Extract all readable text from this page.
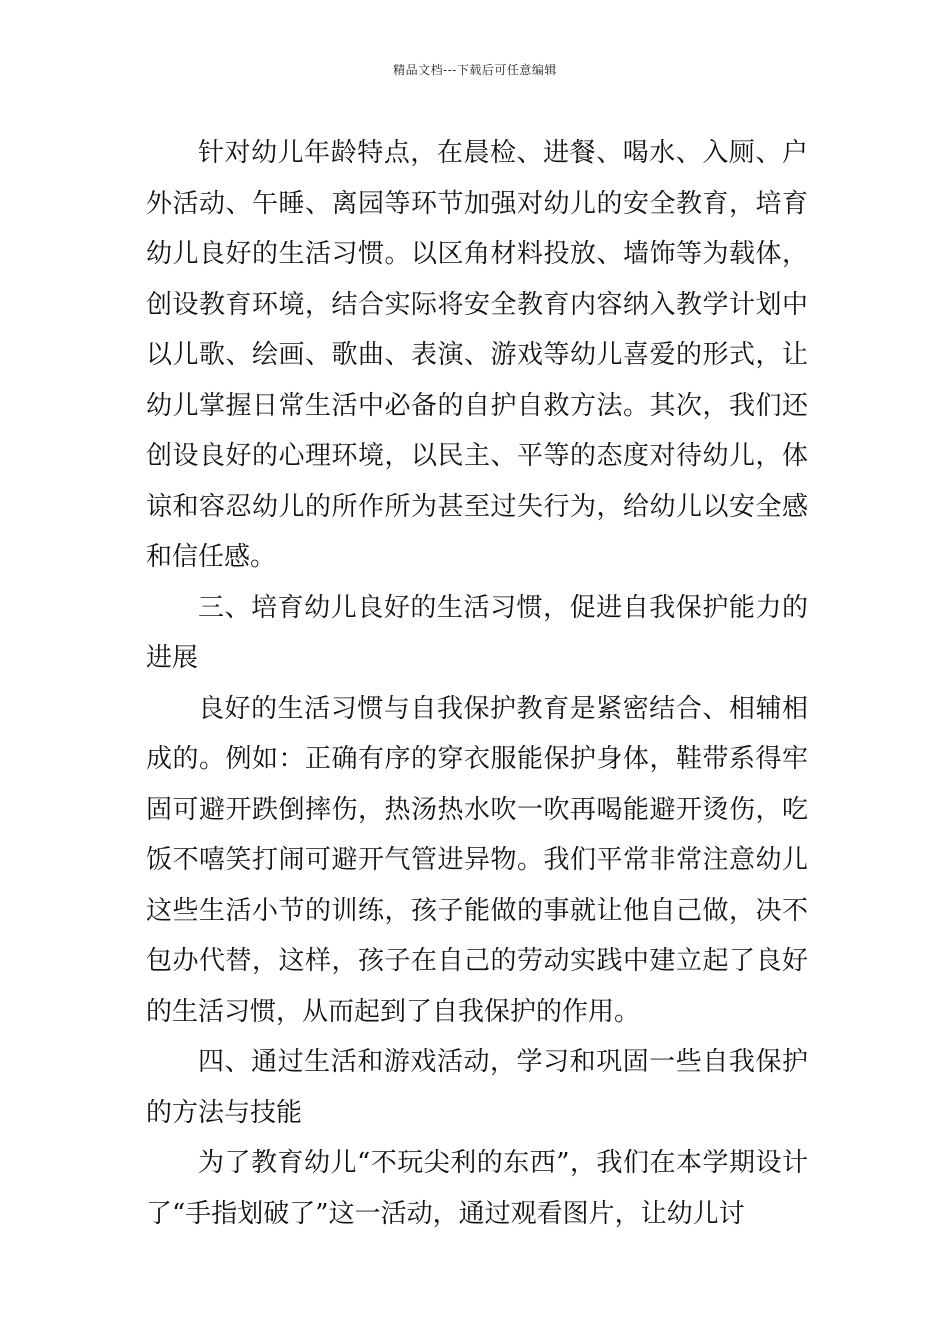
精品文档---下载后可任意编辑

针对幼儿年龄特点，在晨检、进餐、喝水、入厕、户外活动、午睡、离园等环节加强对幼儿的安全教育，培育幼儿良好的生活习惯。以区角材料投放、墙饰等为载体，创设教育环境，结合实际将安全教育内容纳入教学计划中以儿歌、绘画、歌曲、表演、游戏等幼儿喜爱的形式，让幼儿掌握日常生活中必备的自护自救方法。其次，我们还创设良好的心理环境，以民主、平等的态度对待幼儿，体谅和容忍幼儿的所作所为甚至过失行为，给幼儿以安全感和信任感。

三、培育幼儿良好的生活习惯，促进自我保护能力的进展

良好的生活习惯与自我保护教育是紧密结合、相辅相成的。例如：正确有序的穿衣服能保护身体，鞋带系得牢固可避开跌倒摔伤，热汤热水吹一吹再喝能避开烫伤，吃饭不嘻笑打闹可避开气管进异物。我们平常非常注意幼儿这些生活小节的训练，孩子能做的事就让他自己做，决不包办代替，这样，孩子在自己的劳动实践中建立起了良好的生活习惯，从而起到了自我保护的作用。

四、通过生活和游戏活动，学习和巩固一些自我保护的方法与技能

为了教育幼儿“不玩尖利的东西”，我们在本学期设计了“手指划破了”这一活动，通过观看图片，让幼儿讨
